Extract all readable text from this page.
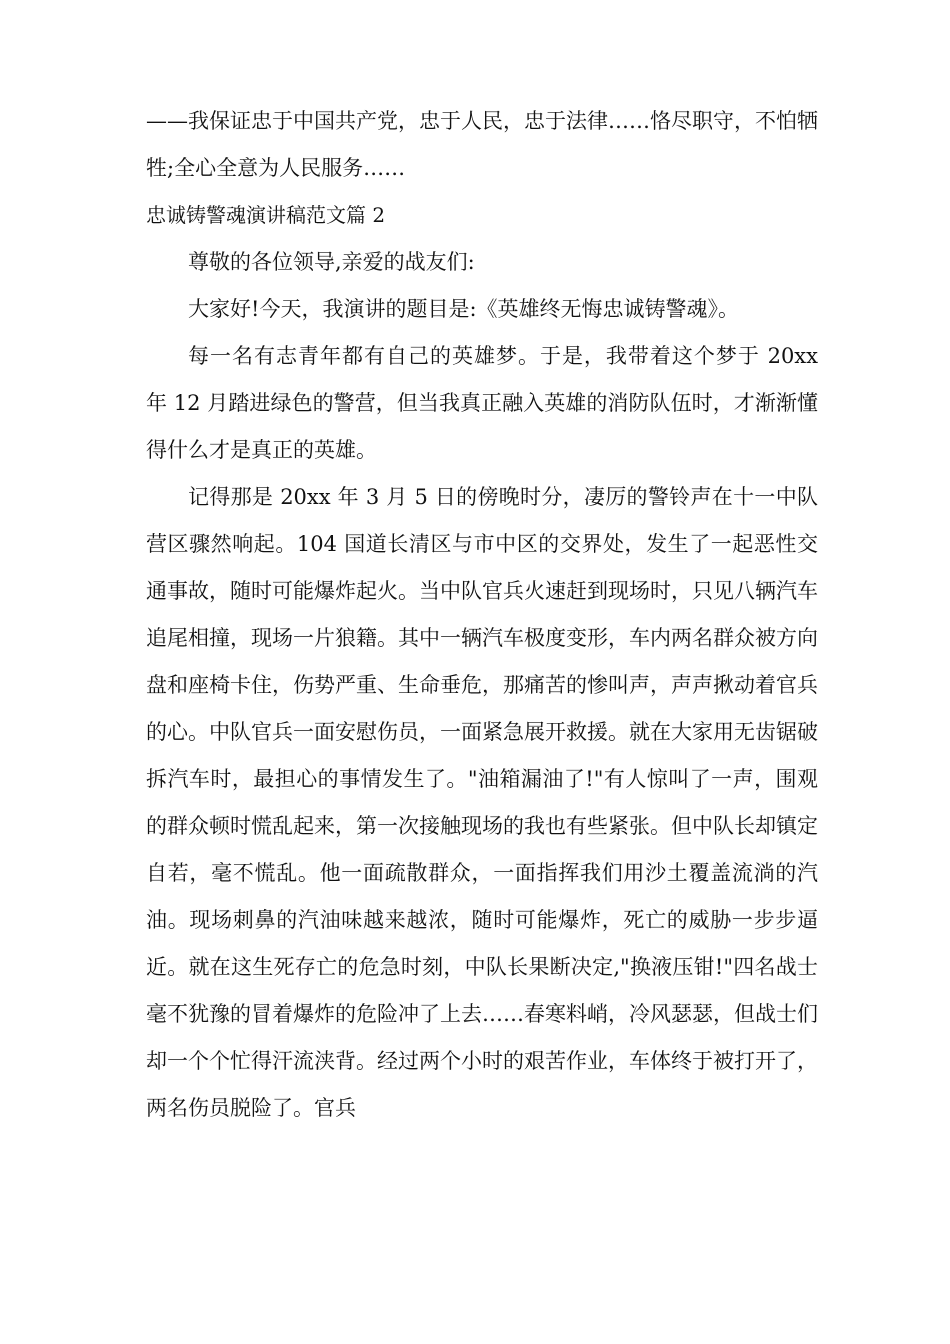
——我保证忠于中国共产党，忠于人民，忠于法律……恪尽职守，不怕牺牲;全心全意为人民服务……

忠诚铸警魂演讲稿范文篇 2

尊敬的各位领导,亲爱的战友们:

大家好!今天，我演讲的题目是:《英雄终无悔忠诚铸警魂》。

每一名有志青年都有自己的英雄梦。于是，我带着这个梦于 20xx 年 12 月踏进绿色的警营，但当我真正融入英雄的消防队伍时，才渐渐懂得什么才是真正的英雄。

记得那是 20xx 年 3 月 5 日的傍晚时分，凄厉的警铃声在十一中队营区骤然响起。104 国道长清区与市中区的交界处，发生了一起恶性交通事故，随时可能爆炸起火。当中队官兵火速赶到现场时，只见八辆汽车追尾相撞，现场一片狼籍。其中一辆汽车极度变形，车内两名群众被方向盘和座椅卡住，伤势严重、生命垂危，那痛苦的惨叫声，声声揪动着官兵的心。中队官兵一面安慰伤员，一面紧急展开救援。就在大家用无齿锯破拆汽车时，最担心的事情发生了。"油箱漏油了!"有人惊叫了一声，围观的群众顿时慌乱起来，第一次接触现场的我也有些紧张。但中队长却镇定自若，毫不慌乱。他一面疏散群众，一面指挥我们用沙土覆盖流淌的汽油。现场刺鼻的汽油味越来越浓，随时可能爆炸，死亡的威胁一步步逼近。就在这生死存亡的危急时刻，中队长果断决定,"换液压钳!"四名战士毫不犹豫的冒着爆炸的危险冲了上去……春寒料峭，冷风瑟瑟，但战士们却一个个忙得汗流浃背。经过两个小时的艰苦作业，车体终于被打开了，两名伤员脱险了。官兵
